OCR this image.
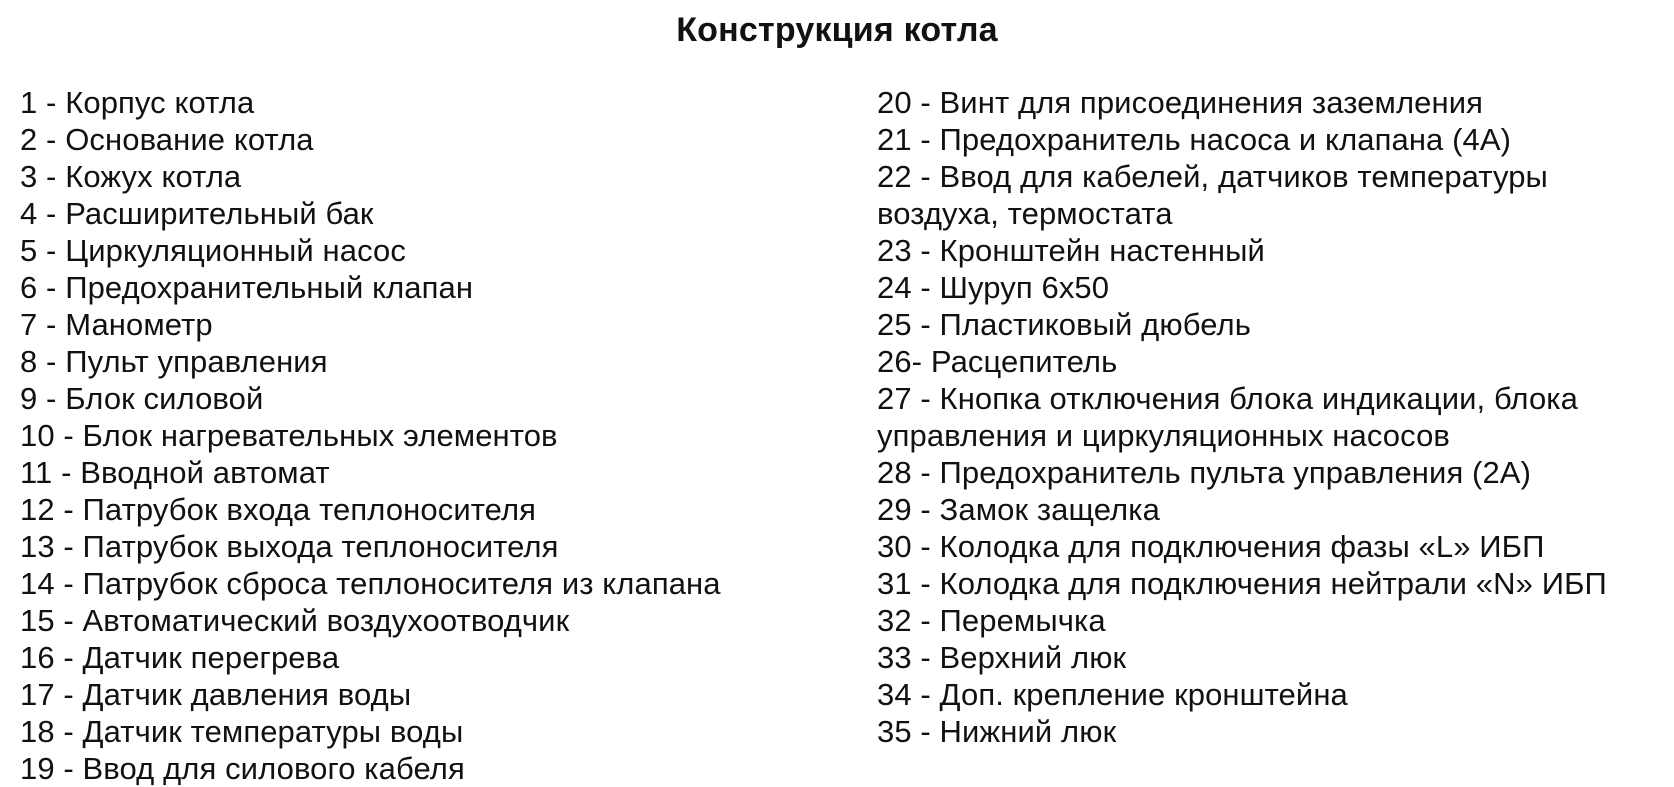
Конструкция котла
1 - Корпус котла
2 - Основание котла
3 - Кожух котла
4 - Расширительный бак
5 - Циркуляционный насос
6 - Предохранительный клапан
7 - Манометр
8 - Пульт управления
9 - Блок силовой
10 - Блок нагревательных элементов
11 - Вводной автомат
12 - Патрубок входа теплоносителя
13 - Патрубок выхода теплоносителя
14 - Патрубок сброса теплоносителя из клапана
15 - Автоматический воздухоотводчик
16 - Датчик перегрева
17 - Датчик давления воды
18 - Датчик температуры воды
19 - Ввод для силового кабеля
20 - Винт для присоединения заземления
21 - Предохранитель насоса и клапана (4А)
22 - Ввод для кабелей, датчиков температуры воздуха, термостата
23 - Кронштейн настенный
24 - Шуруп 6х50
25 - Пластиковый дюбель
26- Расцепитель
27 - Кнопка отключения блока индикации, блока управления и циркуляционных насосов
28 - Предохранитель пульта управления (2А)
29 - Замок защелка
30 - Колодка для подключения фазы «L» ИБП
31 - Колодка для подключения нейтрали «N» ИБП
32 - Перемычка
33 - Верхний люк
34 - Доп. крепление кронштейна
35 - Нижний люк
